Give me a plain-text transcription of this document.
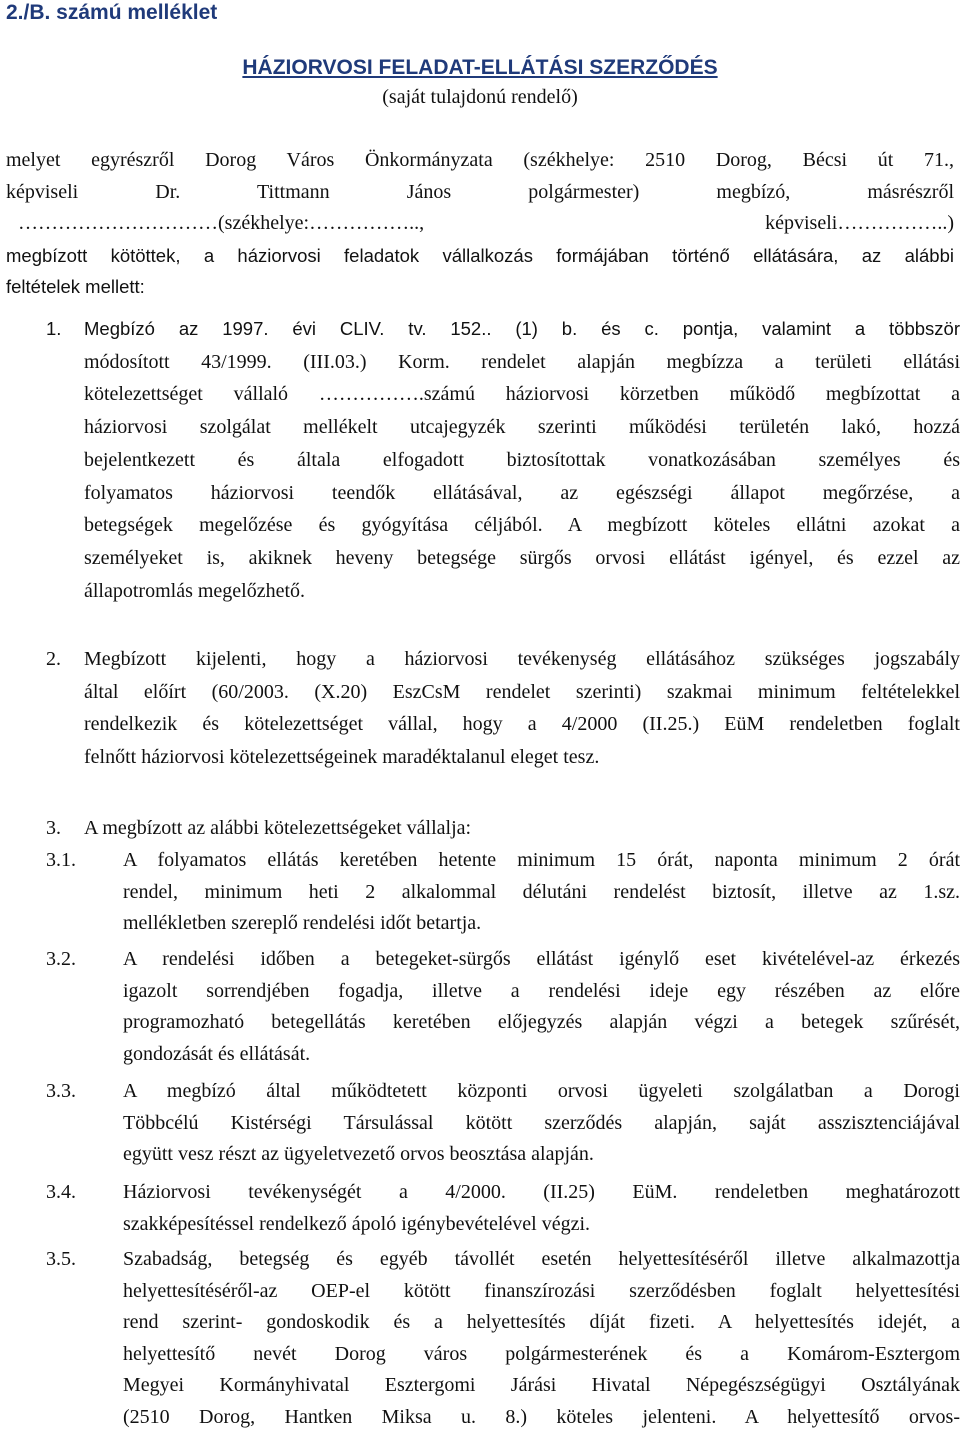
2./B. számú melléklet
HÁZIORVOSI FELADAT-ELLÁTÁSI SZERZŐDÉS
(saját tulajdonú rendelő)
melyet egyrészről Dorog Város Önkormányzata (székhelye: 2510 Dorog, Bécsi út 71.,
képviseli Dr. Tittmann János polgármester) megbízó, másrészről
…………………………(székhelye:…………….., képviseli……………..)
megbízott kötöttek, a háziorvosi feladatok vállalkozás formájában történő ellátására, az alábbi
feltételek mellett:
1.	Megbízó az 1997. évi CLIV. tv. 152.. (1) b. és c. pontja, valamint a többször
módosított 43/1999. (III.03.) Korm. rendelet alapján megbízza a területi ellátási
kötelezettséget vállaló …………….számú háziorvosi körzetben működő megbízottat a
háziorvosi szolgálat mellékelt utcajegyzék szerinti működési területén lakó, hozzá
bejelentkezett és általa elfogadott biztosítottak vonatkozásában személyes és
folyamatos háziorvosi teendők ellátásával, az egészségi állapot megőrzése, a
betegségek megelőzése és gyógyítása céljából. A megbízott köteles ellátni azokat a
személyeket is, akiknek heveny betegsége sürgős orvosi ellátást igényel, és ezzel az
állapotromlás megelőzhető.
2.	Megbízott kijelenti, hogy a háziorvosi tevékenység ellátásához szükséges jogszabály
által előírt (60/2003. (X.20) EszCsM rendelet szerinti) szakmai minimum feltételekkel
rendelkezik és kötelezettséget vállal, hogy a 4/2000 (II.25.) EüM rendeletben foglalt
felnőtt háziorvosi kötelezettségeinek maradéktalanul eleget tesz.
3.	A megbízott az alábbi kötelezettségeket vállalja:
3.1.	A folyamatos ellátás keretében hetente minimum 15 órát, naponta minimum 2 órát
rendel, minimum heti 2 alkalommal délutáni rendelést biztosít, illetve az 1.sz.
mellékletben szereplő rendelési időt betartja.
3.2.	A rendelési időben a betegeket-sürgős ellátást igénylő eset kivételével-az érkezés
igazolt sorrendjében fogadja, illetve a rendelési ideje egy részében az előre
programozható betegellátás keretében előjegyzés alapján végzi a betegek szűrését,
gondozását és ellátását.
3.3.	A megbízó által működtetett központi orvosi ügyeleti szolgálatban a Dorogi
Többcélú Kistérségi Társulással kötött szerződés alapján, saját asszisztenciájával
együtt vesz részt az ügyeletvezető orvos beosztása alapján.
3.4.	Háziorvosi tevékenységét a 4/2000. (II.25) EüM. rendeletben meghatározott
szakképesítéssel rendelkező ápoló igénybevételével végzi.
3.5.	Szabadság, betegség és egyéb távollét esetén helyettesítéséről illetve alkalmazottja
helyettesítéséről-az OEP-el kötött finanszírozási szerződésben foglalt helyettesítési
rend szerint- gondoskodik és a helyettesítés díját fizeti. A helyettesítés idejét, a
helyettesítő nevét Dorog város polgármesterének és a Komárom-Esztergom
Megyei Kormányhivatal Esztergomi Járási Hivatal Népegészségügyi Osztályának
(2510 Dorog, Hantken Miksa u. 8.) köteles jelenteni. A helyettesítő orvos-
